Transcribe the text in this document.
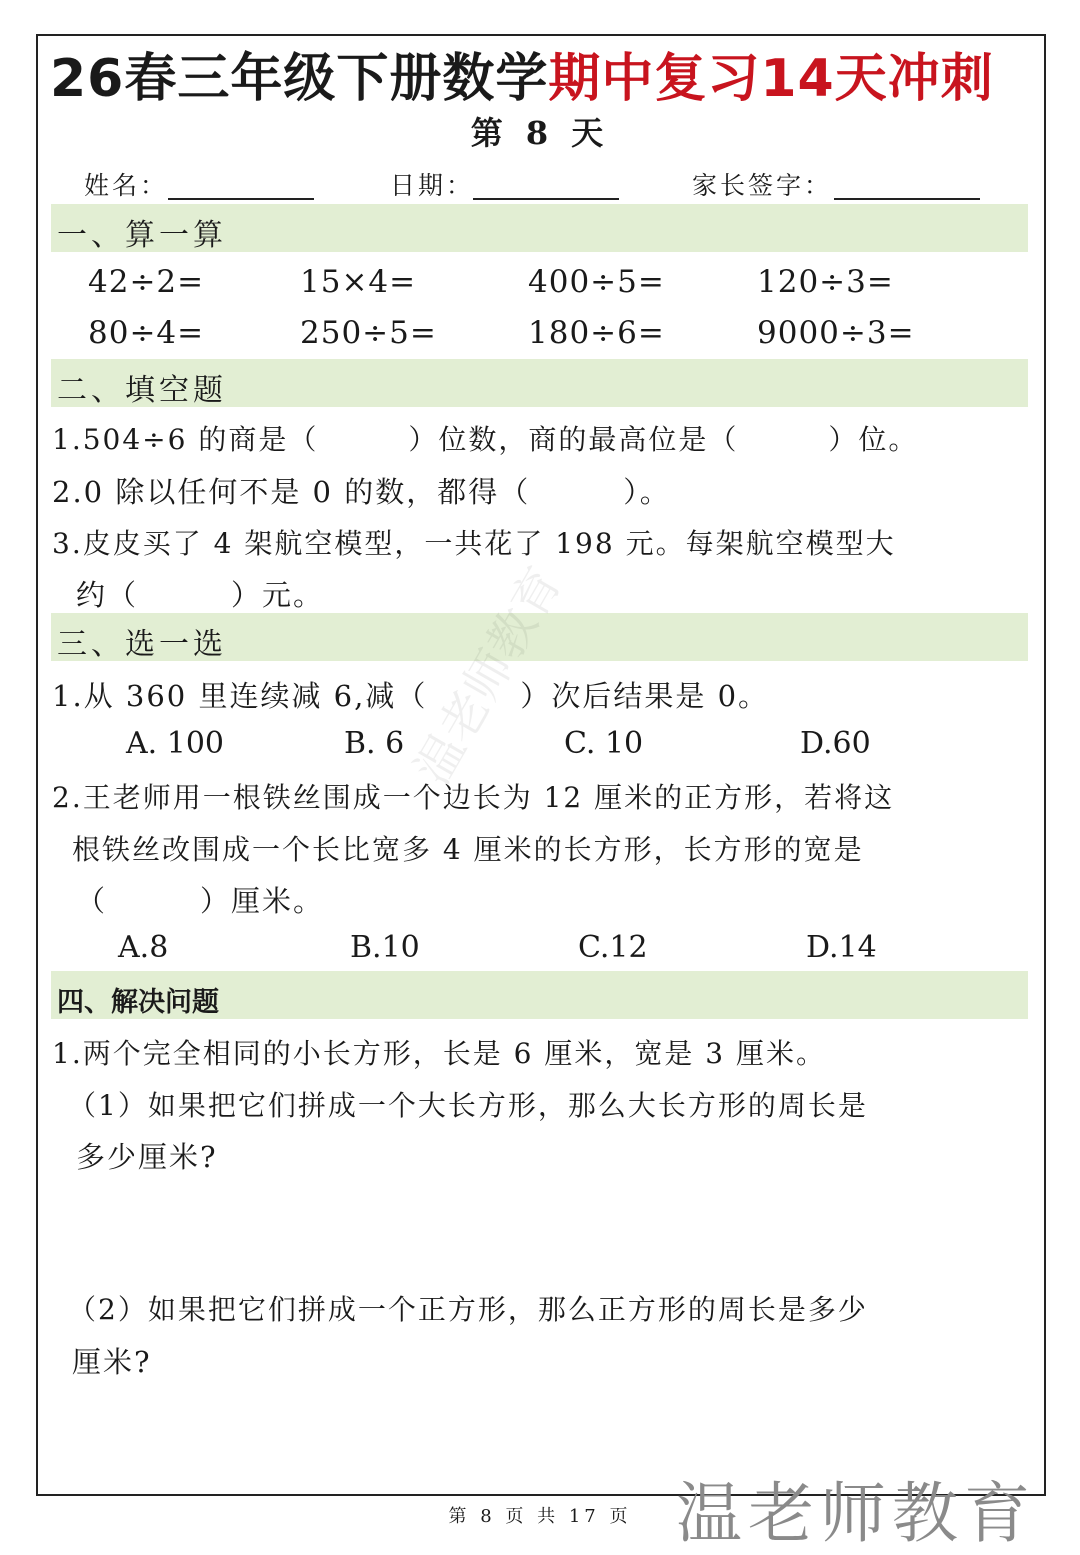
26春三年级下册数学期中复习14天冲刺
第 8 天
姓名：	日期：	家长签字：
一、算一算
42÷2=	15×4=	400÷5=	120÷3=
80÷4=	250÷5=	180÷6=	9000÷3=
二、填空题
1.504÷6 的商是（　　　）位数，商的最高位是（　　　）位。
2.0 除以任何不是 0 的数，都得（　　　）。
3.皮皮买了 4 架航空模型，一共花了 198 元。每架航空模型大
约（　　　）元。
三、选一选
1.从 360 里连续减 6,减（　　　）次后结果是 0。
A. 100	B. 6	C. 10	D.60
2.王老师用一根铁丝围成一个边长为 12 厘米的正方形，若将这
根铁丝改围成一个长比宽多 4 厘米的长方形，长方形的宽是
（　　　）厘米。
A.8	B.10	C.12	D.14
四、解决问题
1.两个完全相同的小长方形，长是 6 厘米，宽是 3 厘米。
（1）如果把它们拼成一个大长方形，那么大长方形的周长是
多少厘米?
（2）如果把它们拼成一个正方形，那么正方形的周长是多少
厘米?
温老师教育
温老师教育
第 8 页 共 17 页
